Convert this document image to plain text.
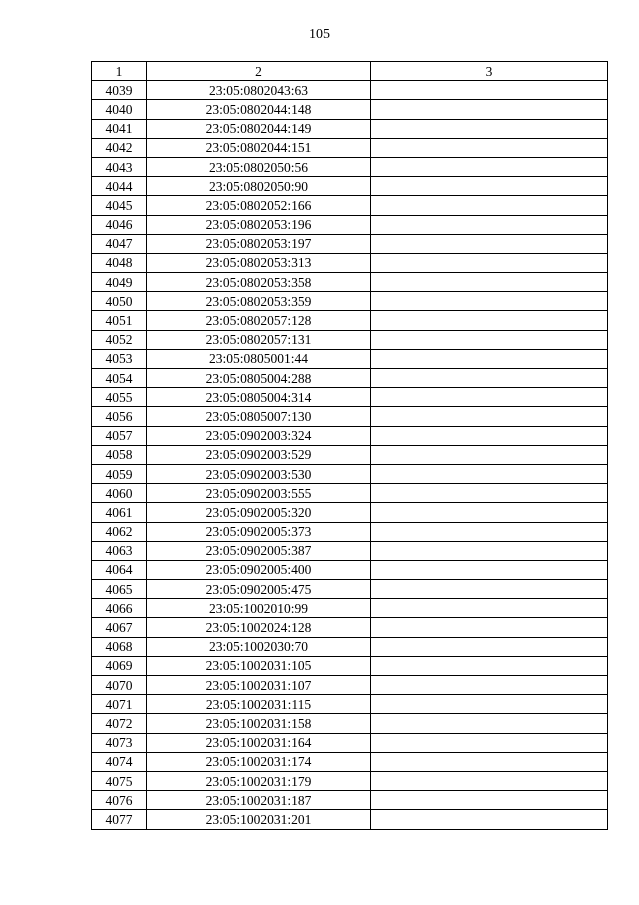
105
1	2	3
4039	23:05:0802043:63	
4040	23:05:0802044:148	
4041	23:05:0802044:149	
4042	23:05:0802044:151	
4043	23:05:0802050:56	
4044	23:05:0802050:90	
4045	23:05:0802052:166	
4046	23:05:0802053:196	
4047	23:05:0802053:197	
4048	23:05:0802053:313	
4049	23:05:0802053:358	
4050	23:05:0802053:359	
4051	23:05:0802057:128	
4052	23:05:0802057:131	
4053	23:05:0805001:44	
4054	23:05:0805004:288	
4055	23:05:0805004:314	
4056	23:05:0805007:130	
4057	23:05:0902003:324	
4058	23:05:0902003:529	
4059	23:05:0902003:530	
4060	23:05:0902003:555	
4061	23:05:0902005:320	
4062	23:05:0902005:373	
4063	23:05:0902005:387	
4064	23:05:0902005:400	
4065	23:05:0902005:475	
4066	23:05:1002010:99	
4067	23:05:1002024:128	
4068	23:05:1002030:70	
4069	23:05:1002031:105	
4070	23:05:1002031:107	
4071	23:05:1002031:115	
4072	23:05:1002031:158	
4073	23:05:1002031:164	
4074	23:05:1002031:174	
4075	23:05:1002031:179	
4076	23:05:1002031:187	
4077	23:05:1002031:201	
